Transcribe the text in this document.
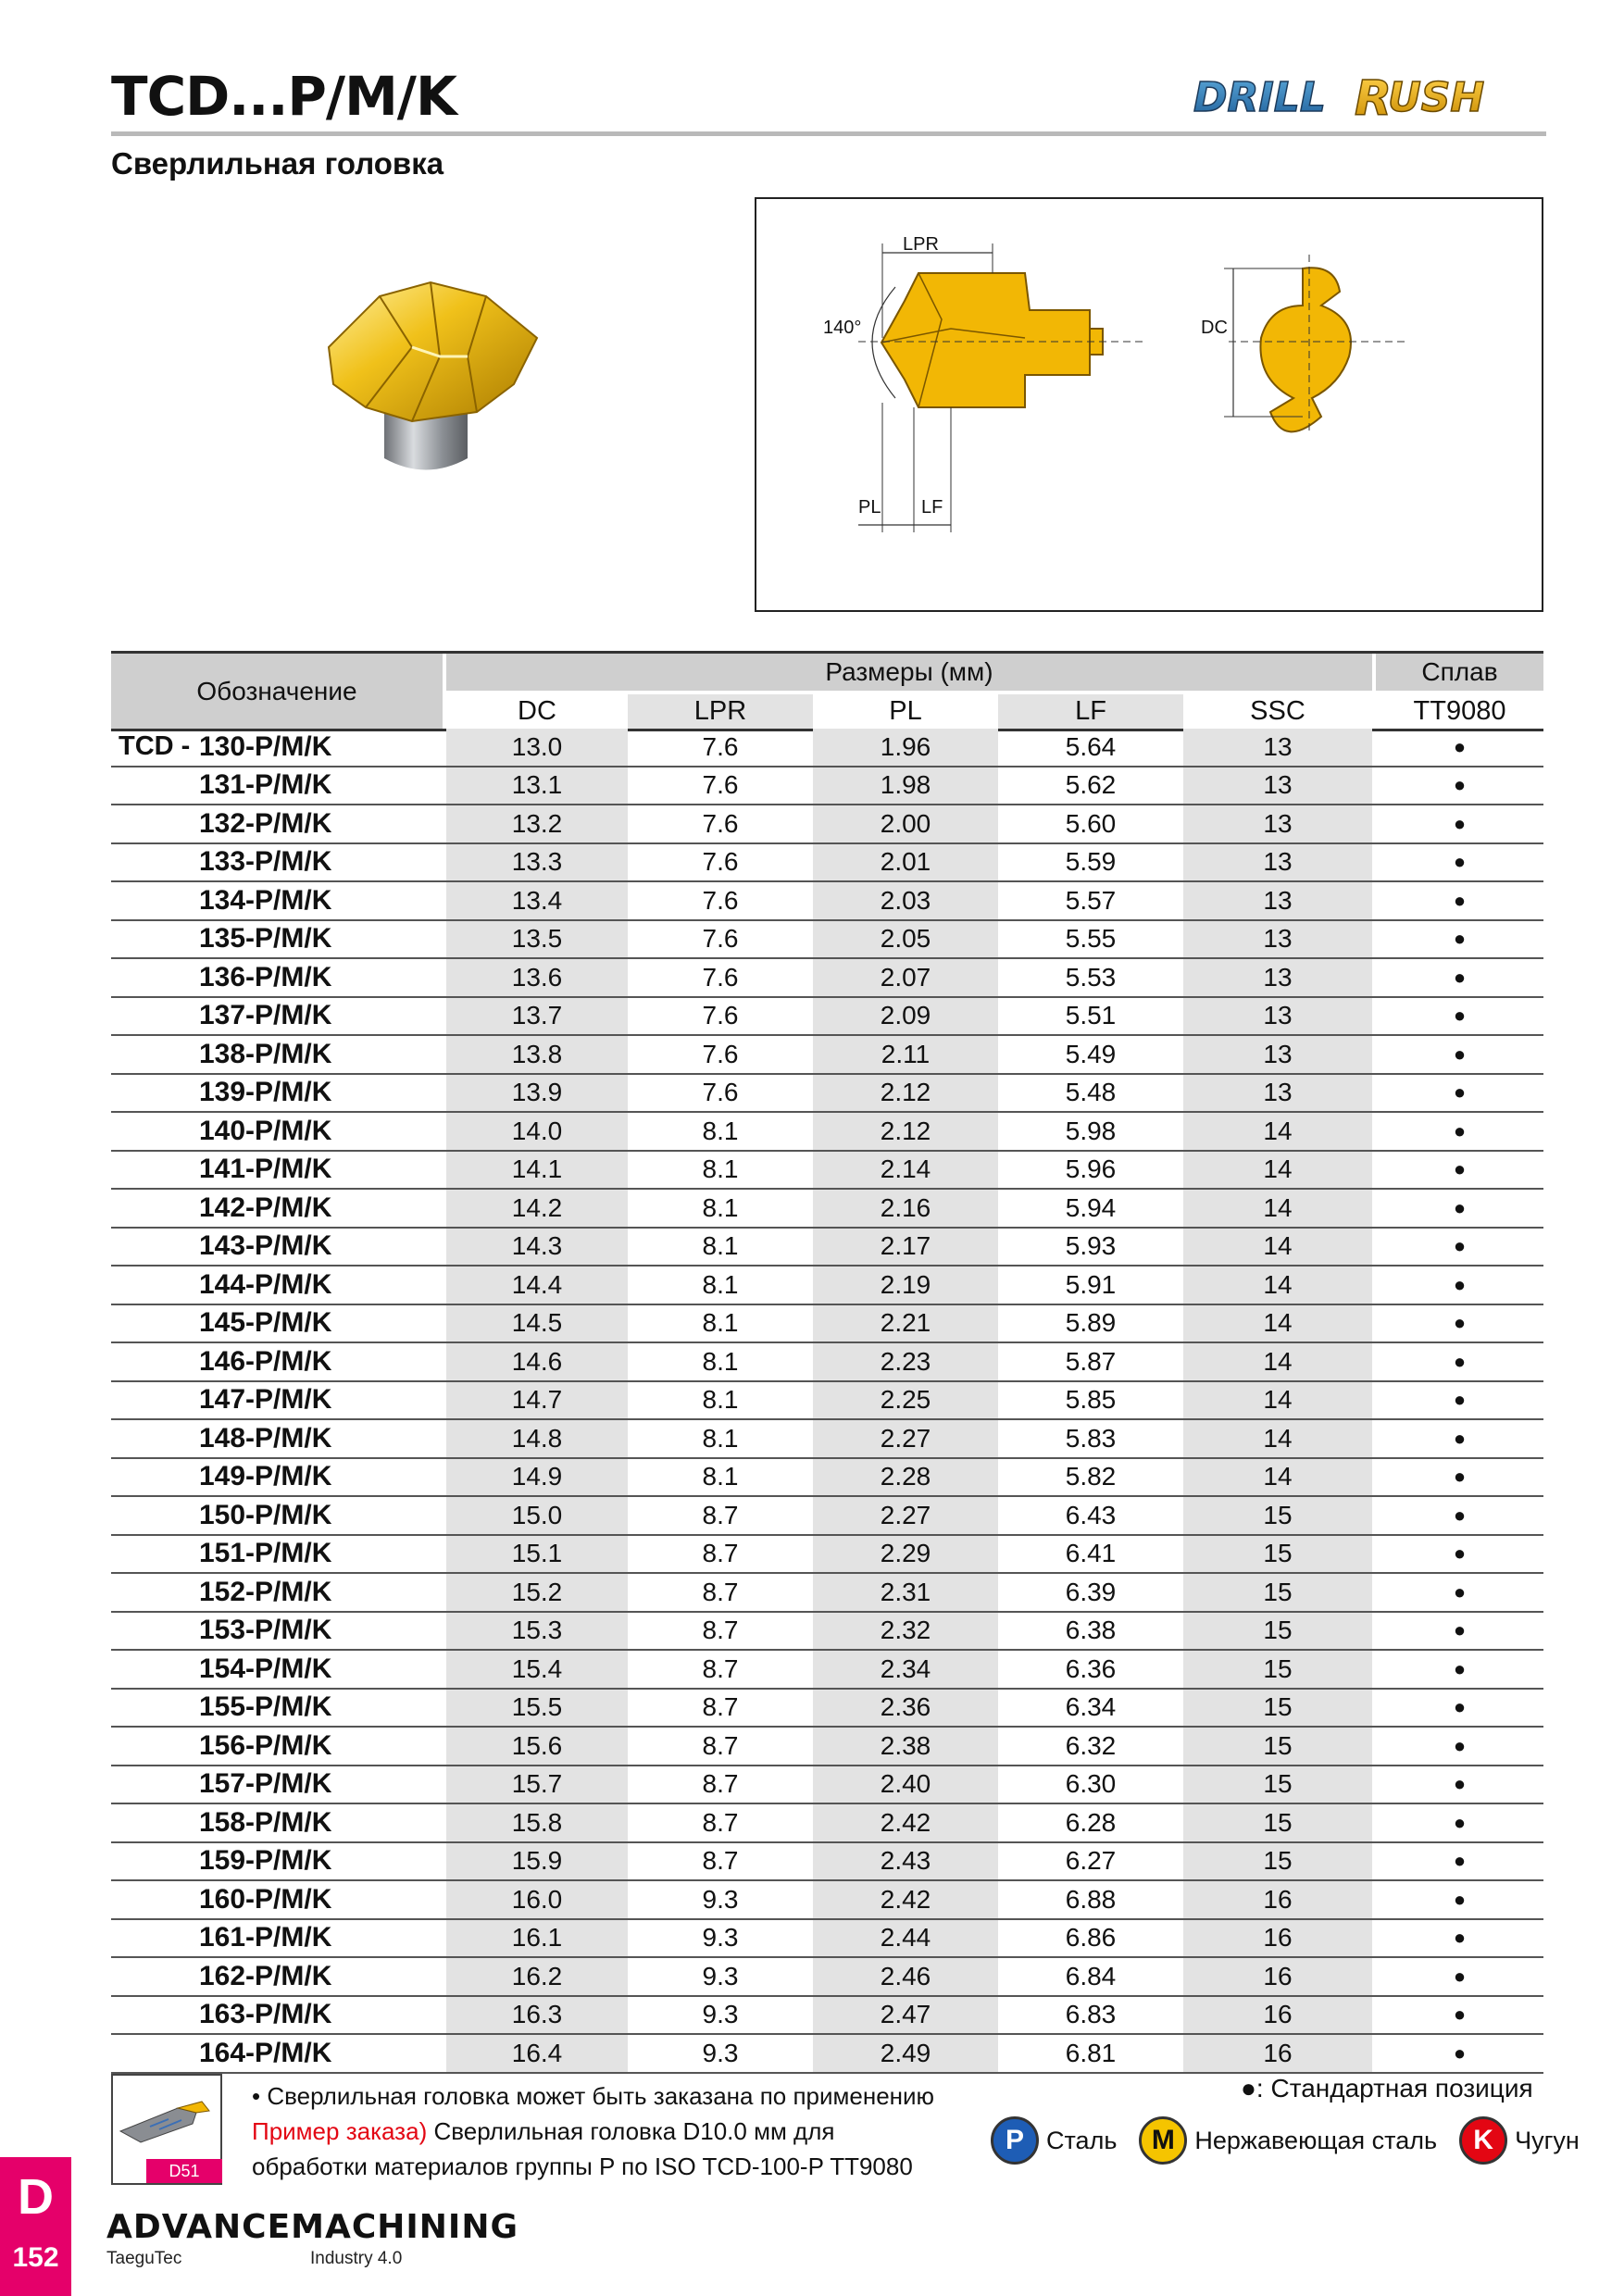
TCD...P/M/K
Сверлильная головка
DRILL R
USH
LPR
140°
PL LF
DC
Обозначение
Размеры (мм)	Сплав
DC	LPR	PL	LF	SSC	TT9080
TCD - 130-P/M/K	13.0	7.6	1.96	5.64	13	●
131-P/M/K	13.1	7.6	1.98	5.62	13	●
132-P/M/K	13.2	7.6	2.00	5.60	13	●
133-P/M/K	13.3	7.6	2.01	5.59	13	●
134-P/M/K	13.4	7.6	2.03	5.57	13	●
135-P/M/K	13.5	7.6	2.05	5.55	13	●
136-P/M/K	13.6	7.6	2.07	5.53	13	●
137-P/M/K	13.7	7.6	2.09	5.51	13	●
138-P/M/K	13.8	7.6	2.11	5.49	13	●
139-P/M/K	13.9	7.6	2.12	5.48	13	●
140-P/M/K	14.0	8.1	2.12	5.98	14	●
141-P/M/K	14.1	8.1	2.14	5.96	14	●
142-P/M/K	14.2	8.1	2.16	5.94	14	●
143-P/M/K	14.3	8.1	2.17	5.93	14	●
144-P/M/K	14.4	8.1	2.19	5.91	14	●
145-P/M/K	14.5	8.1	2.21	5.89	14	●
146-P/M/K	14.6	8.1	2.23	5.87	14	●
147-P/M/K	14.7	8.1	2.25	5.85	14	●
148-P/M/K	14.8	8.1	2.27	5.83	14	●
149-P/M/K	14.9	8.1	2.28	5.82	14	●
150-P/M/K	15.0	8.7	2.27	6.43	15	●
151-P/M/K	15.1	8.7	2.29	6.41	15	●
152-P/M/K	15.2	8.7	2.31	6.39	15	●
153-P/M/K	15.3	8.7	2.32	6.38	15	●
154-P/M/K	15.4	8.7	2.34	6.36	15	●
155-P/M/K	15.5	8.7	2.36	6.34	15	●
156-P/M/K	15.6	8.7	2.38	6.32	15	●
157-P/M/K	15.7	8.7	2.40	6.30	15	●
158-P/M/K	15.8	8.7	2.42	6.28	15	●
159-P/M/K	15.9	8.7	2.43	6.27	15	●
160-P/M/K	16.0	9.3	2.42	6.88	16	●
161-P/M/K	16.1	9.3	2.44	6.86	16	●
162-P/M/K	16.2	9.3	2.46	6.84	16	●
163-P/M/K	16.3	9.3	2.47	6.83	16	●
164-P/M/K	16.4	9.3	2.49	6.81	16	●
D51
• Сверлильная головка может быть заказана по применению
Пример заказа) Сверлильная головка D10.0 мм для
обработки материалов группы P по ISO TCD-100-P TT9080
●: Стандартная позиция
P Сталь	M Нержавеющая сталь	K Чугун
D
152
ADVANCEMACHINING
TaeguTec	Industry 4.0
